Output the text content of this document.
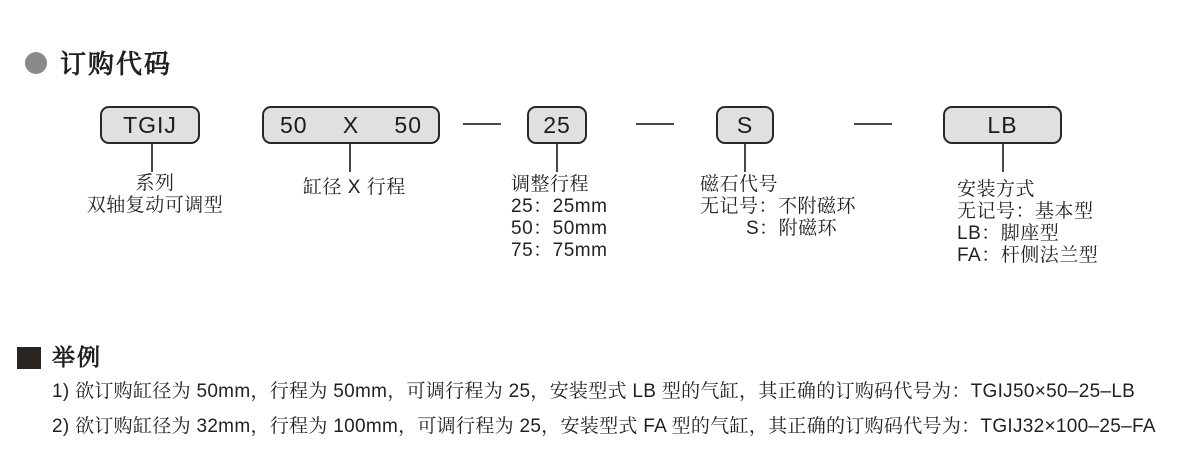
订购代码
TGIJ	50 X 50	25	S	LB
系列
双轴复动可调型
缸径 X 行程	调整行程
25：25mm
50：50mm
75：75mm
磁石代号
无记号：不附磁环
S：附磁环
安装方式
无记号：基本型
LB：脚座型
FA：杆侧法兰型
举例
1) 欲订购缸径为 50mm，行程为 50mm，可调行程为 25，安装型式 LB 型的气缸，其正确的订购码代号为：TGIJ50×50–25–LB
2) 欲订购缸径为 32mm，行程为 100mm，可调行程为 25，安装型式 FA 型的气缸，其正确的订购码代号为：TGIJ32×100–25–FA
